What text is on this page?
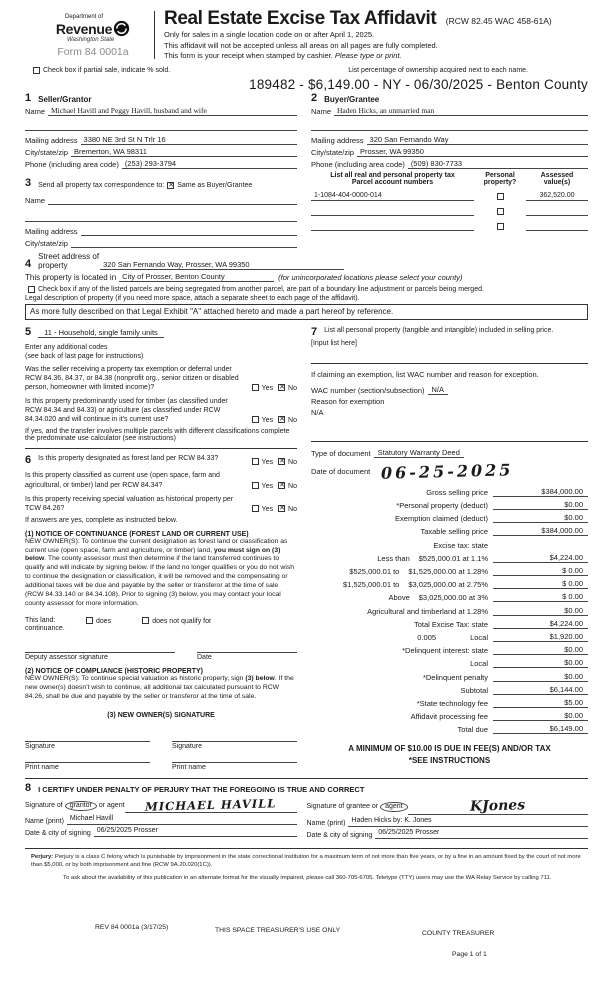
Department of
Revenue
Washington State
Form 84 0001a
Real Estate Excise Tax Affidavit (RCW 82.45 WAC 458-61A)
Only for sales in a single location code on or after April 1, 2025.
This affidavit will not be accepted unless all areas on all pages are fully completed.
This form is your receipt when stamped by cashier. Please type or print.
Check box if partial sale, indicate % sold.	List percentage of ownership acquired next to each name.
189482 - $6,149.00 - NY - 06/30/2025 - Benton County
1 Seller/Grantor
Name Michael Havill and Peggy Havill, husband and wife
Mailing address 3380 NE 3rd St N Trlr 16
City/state/zip Bremerton, WA 98311
Phone (including area code) (253) 293-3794
3	Send all property tax correspondence to: ✕ Same as Buyer/Grantee
Name
Mailing address
City/state/zip
2 Buyer/Grantee
Name Haden Hicks, an unmarried man
Mailing address 320 San Fernando Way
City/state/zip Prosser, WA 99350
Phone (including area code) (509) 830-7733
List all real and personal property tax
Parcel account numbers
Personal
property?
Assessed
value(s)
1-1084-404-0000-014	362,520.00
4
Street address of
property	320 San Fernando Way, Prosser, WA 99350
This property is located in City of Prosser, Benton County	(for unincorporated locations please select your county)
Check box if any of the listed parcels are being segregated from another parcel, are part of a boundary line adjustment or parcels being merged.
Legal description of property (if you need more space, attach a separate sheet to each page of the affidavit).
As more fully described on that Legal Exhibit "A" attached hereto and made a part hereof by reference.
5	11 - Household, single family units
Enter any additional codes
(see back of last page for instructions)
Was the seller receiving a property tax exemption or deferral under RCW 84.36, 84.37, or 84.38 (nonprofit org., senior citizen or disabled person, homeowner with limited income)?	Yes ✕ No
Is this property predominantly used for timber (as classified under RCW 84.34 and 84.33) or agriculture (as classified under RCW 84.34.020 and will continue in it's current use?	Yes ✕ No
If yes, and the transfer involves multiple parcels with different classifications complete the predominate use calculator (see instructions)
6	Is this property designated as forest land per RCW 84.33?
Yes ✕ No
Is this property classified as current use (open space, farm and agricultural, or timber) land per RCW 84.34?	Yes ✕ No
Is this property receiving special valuation as historical property per TCW 84.26?	Yes ✕ No
If answers are yes, complete as instructed below.
(1) NOTICE OF CONTINUANCE (FOREST LAND OR CURRENT USE)
NEW OWNER(S): To continue the current designation as forest land or classification as current use (open space, farm and agriculture, or timber) land, you must sign on (3) below. The county assessor must then determine if the land transferred continues to qualify and will indicate by signing below. If the land no longer qualifies or you do not wish to continue the designation or classification, it will be removed and the compensating or additional taxes will be due and payable by the seller or transferor at the time of sale (RCW 84.33.140 or 84.34.108). Prior to signing (3) below, you may contact your local county assessor for more information.
This land:	does	does not qualify for
continuance.
Deputy assessor signature	Date
(2) NOTICE OF COMPLIANCE (HISTORIC PROPERTY)
NEW OWNER(S): To continue special valuation as historic property, sign (3) below. If the new owner(s) doesn't wish to continue, all additional tax calculated pursuant to RCW 84.26, shall be due and payable by the seller or transferor at the time of sale.
(3) NEW OWNER(S) SIGNATURE
Signature	Signature
Print name	Print name
7	List all personal property (tangible and intangible) included in selling price.
[Input list here]
If claiming an exemption, list WAC number and reason for exception.
WAC number (section/subsection) N/A
Reason for exemption
N/A
Type of document Statutory Warranty Deed
Date of document 06-25-2025
Gross selling price	$384,000.00
*Personal property (deduct)	$0.00
Exemption claimed (deduct)	$0.00
Taxable selling price	$384,000.00
Excise tax: state
Less than $525,000.01 at 1.1%	$4,224.00
$525,000.01 to $1,525,000.00 at 1.28%	$ 0.00
$1,525,000.01 to $3,025,000.00 at 2.75%	$ 0.00
Above $3,025,000.00 at 3%	$ 0.00
Agricultural and timberland at 1.28%	$0.00
Total Excise Tax: state	$4,224.00
0.005	Local	$1,920.00
*Delinquent interest: state	$0.00
Local	$0.00
*Delinquent penalty	$0.00
Subtotal	$6,144.00
*State technology fee	$5.00
Affidavit processing fee	$0.00
Total due	$6,149.00
A MINIMUM OF $10.00 IS DUE IN FEE(S) AND/OR TAX
*SEE INSTRUCTIONS
8 I CERTIFY UNDER PENALTY OF PERJURY THAT THE FOREGOING IS TRUE AND CORRECT
Signature of grantor or agent	MICHAEL HAVILL
Name (print) Michael Havill
Date & city of signing 06/25/2025 Prosser
Signature of grantee or agent	KJones
Name (print) Haden Hicks by: K. Jones
Date & city of signing 06/25/2025 Prosser
Perjury: Perjury is a class C felony which is punishable by imprisonment in the state correctional institution for a maximum term of not more than five years, or by a fine in an amount fixed by the court of not more than $5,000, or by both imprisonment and fine (RCW 9A.20.020(1C)).
To ask about the availability of this publication in an alternate format for the visually impaired, please call 360-705-6705. Teletype (TTY) users may use the WA Relay Service by calling 711.
REV 84 0001a (3/17/25)	THIS SPACE TREASURER'S USE ONLY	COUNTY TREASURER
Page 1 of 1
